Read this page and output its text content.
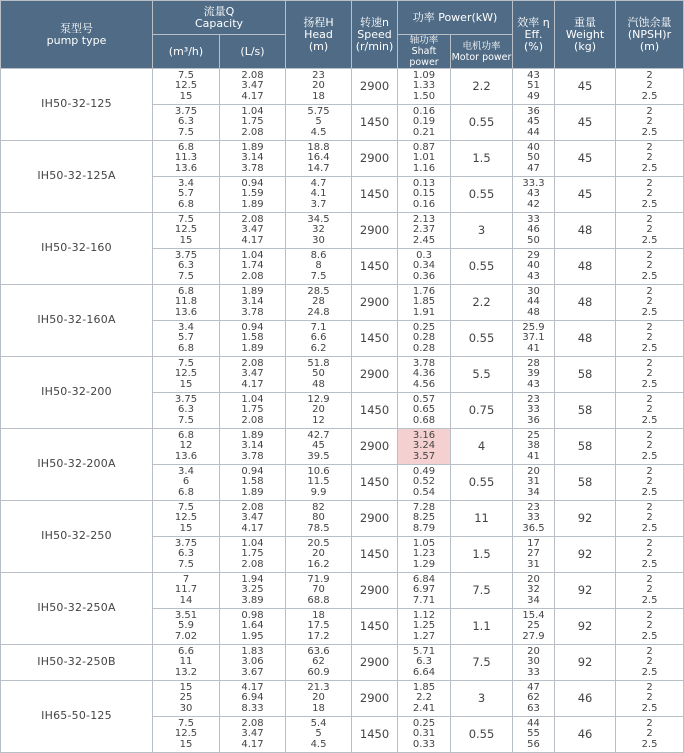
泵型号
pump type	流量Q
Capacity		扬程H
Head
(m)	转速n
Speed
(r/min)	功率 Power(kW)		效率 η
Eff.
(%)	重量
Weight
(kg)	汽蚀余量
(NPSH)r
(m)
	(m³/h)	(L/s)			轴功率
Shaft power	电机功率
Motor power			
IH50-32-125	7.5
12.5
15	2.08
3.47
4.17	23
20
18	2900	1.09
1.33
1.50	2.2	43
51
49	45	2
2
2.5

	3.75
6.3
7.5	1.04
1.75
2.08	5.75
5
4.5	1450	0.16
0.19
0.21	0.55	36
45
44	45	2
2
2.5

IH50-32-125A	6.8
11.3
13.6	1.89
3.14
3.78	18.8
16.4
14.7	2900	0.87
1.01
1.16	1.5	40
50
47	45	2
2
2.5

	3.4
5.7
6.8	0.94
1.59
1.89	4.7
4.1
3.7	1450	0.13
0.15
0.16	0.55	33.3
43
42	45	2
2
2.5

IH50-32-160	7.5
12.5
15	2.08
3.47
4.17	34.5
32
30	2900	2.13
2.37
2.45	3	33
46
50	48	2
2
2.5

	3.75
6.3
7.5	1.04
1.74
2.08	8.6
8
7.5	1450	0.3
0.34
0.36	0.55	29
40
43	48	2
2
2.5

IH50-32-160A	6.8
11.8
13.6	1.89
3.14
3.78	28.5
28
24.8	2900	1.76
1.85
1.91	2.2	30
44
48	48	2
2
2.5

	3.4
5.7
6.8	0.94
1.58
1.89	7.1
6.6
6.2	1450	0.25
0.28
0.28	0.55	25.9
37.1
41	48	2
2
2.5

IH50-32-200	7.5
12.5
15	2.08
3.47
4.17	51.8
50
48	2900	3.78
4.36
4.56	5.5	28
39
43	58	2
2
2.5

	3.75
6.3
7.5	1.04
1.75
2.08	12.9
20
12	1450	0.57
0.65
0.68	0.75	23
33
36	58	2
2
2.5

IH50-32-200A	6.8
12
13.6	1.89
3.14
3.78	42.7
45
39.5	2900	3.16
3.24
3.57	4	25
38
41	58	2
2
2.5

	3.4
6
6.8	0.94
1.58
1.89	10.6
11.5
9.9	1450	0.49
0.52
0.54	0.55	20
31
34	58	2
2
2.5

IH50-32-250	7.5
12.5
15	2.08
3.47
4.17	82
80
78.5	2900	7.28
8.25
8.79	11	23
33
36.5	92	2
2
2.5

	3.75
6.3
7.5	1.04
1.75
2.08	20.5
20
16.2	1450	1.05
1.23
1.29	1.5	17
27
31	92	2
2
2.5

IH50-32-250A	7
11.7
14	1.94
3.25
3.89	71.9
70
68.8	2900	6.84
6.97
7.71	7.5	20
32
34	92	2
2
2.5

	3.51
5.9
7.02	0.98
1.64
1.95	18
17.5
17.2	1450	1.12
1.25
1.27	1.1	15.4
25
27.9	92	2
2
2.5

IH50-32-250B	6.6
11
13.2	1.83
3.06
3.67	63.6
62
60.9	2900	5.71
6.3
6.64	7.5	20
30
33	92	2
2
2.5

IH65-50-125	15
25
30	4.17
6.94
8.33	21.3
20
18	2900	1.85
2.2
2.41	3	47
62
63	46	2
2
2.5

	7.5
12.5
15	2.08
3.47
4.17	5.4
5
4.5	1450	0.25
0.31
0.33	0.55	44
55
56	46	2
2
2.5
